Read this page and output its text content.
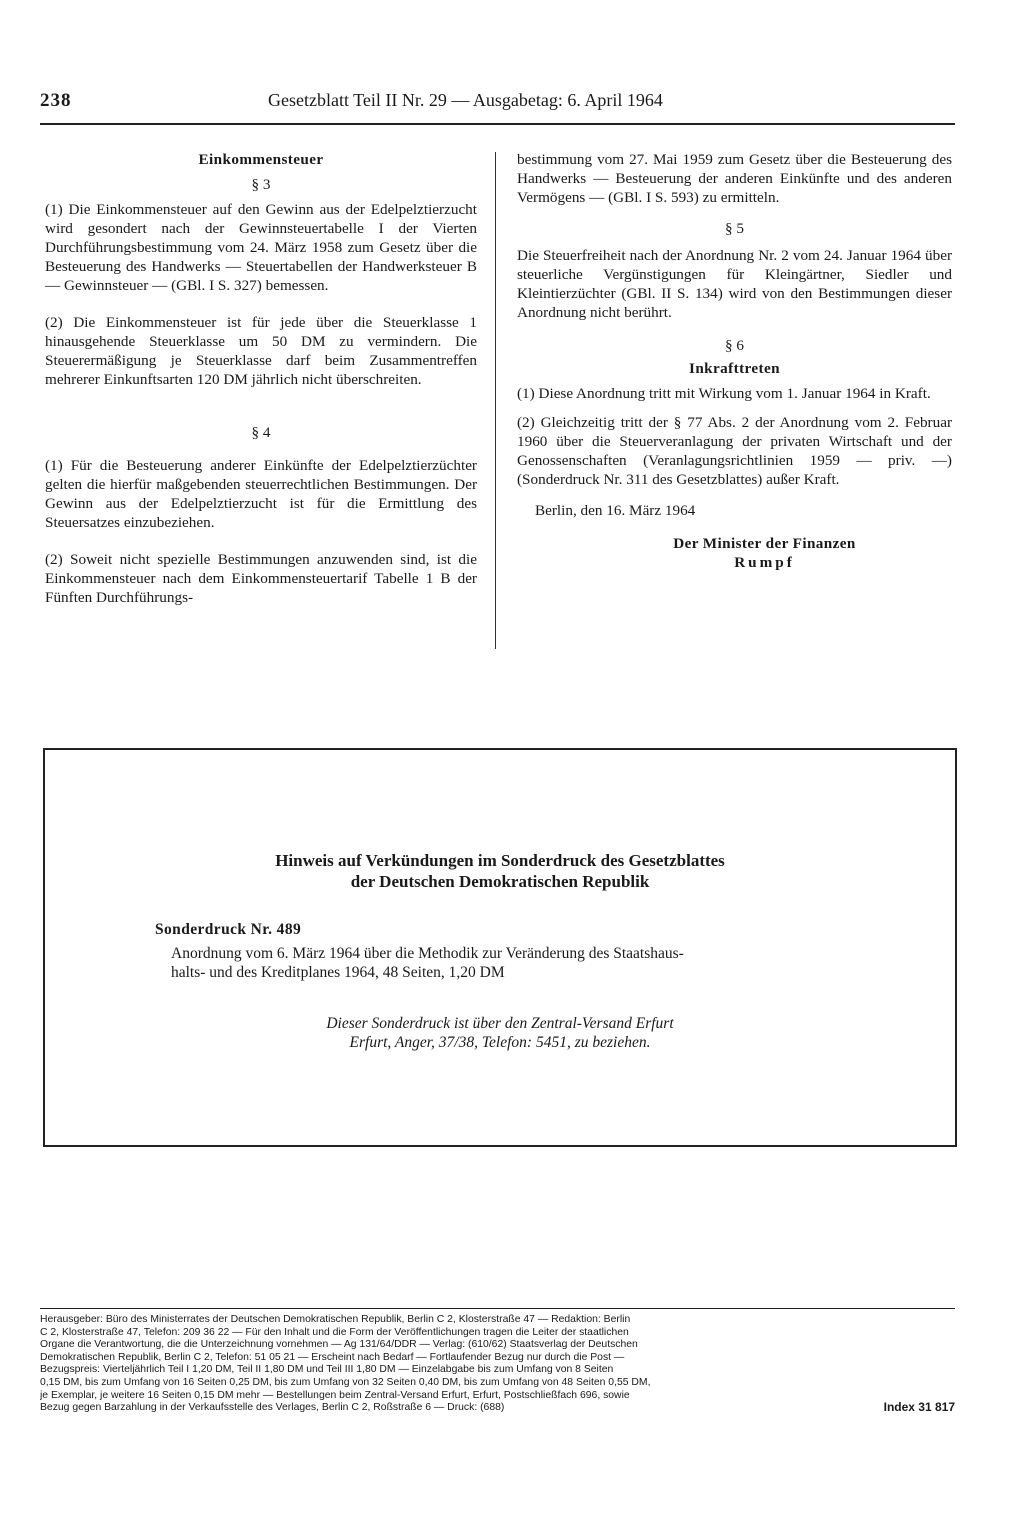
238	Gesetzblatt Teil II Nr. 29 — Ausgabetag: 6. April 1964

Einkommensteuer

§ 3

(1) Die Einkommensteuer auf den Gewinn aus der Edelpelztierzucht wird gesondert nach der Gewinnsteuertabelle I der Vierten Durchführungsbestimmung vom 24. März 1958 zum Gesetz über die Besteuerung des Handwerks — Steuertabellen der Handwerksteuer B — Gewinnsteuer — (GBl. I S. 327) bemessen.

(2) Die Einkommensteuer ist für jede über die Steuerklasse 1 hinausgehende Steuerklasse um 50 DM zu vermindern. Die Steuerermäßigung je Steuerklasse darf beim Zusammentreffen mehrerer Einkunftsarten 120 DM jährlich nicht überschreiten.

§ 4

(1) Für die Besteuerung anderer Einkünfte der Edelpelztierzüchter gelten die hierfür maßgebenden steuerrechtlichen Bestimmungen. Der Gewinn aus der Edelpelztierzucht ist für die Ermittlung des Steuersatzes einzubeziehen.

(2) Soweit nicht spezielle Bestimmungen anzuwenden sind, ist die Einkommensteuer nach dem Einkommensteuertarif Tabelle 1 B der Fünften Durchführungs-

bestimmung vom 27. Mai 1959 zum Gesetz über die Besteuerung des Handwerks — Besteuerung der anderen Einkünfte und des anderen Vermögens — (GBl. I S. 593) zu ermitteln.

§ 5

Die Steuerfreiheit nach der Anordnung Nr. 2 vom 24. Januar 1964 über steuerliche Vergünstigungen für Kleingärtner, Siedler und Kleintierzüchter (GBl. II S. 134) wird von den Bestimmungen dieser Anordnung nicht berührt.

§ 6

Inkrafttreten

(1) Diese Anordnung tritt mit Wirkung vom 1. Januar 1964 in Kraft.

(2) Gleichzeitig tritt der § 77 Abs. 2 der Anordnung vom 2. Februar 1960 über die Steuerveranlagung der privaten Wirtschaft und der Genossenschaften (Veranlagungsrichtlinien 1959 — priv. —) (Sonderdruck Nr. 311 des Gesetzblattes) außer Kraft.

Berlin, den 16. März 1964

Der Minister der Finanzen

Rumpf

Hinweis auf Verkündungen im Sonderdruck des Gesetzblattes
der Deutschen Demokratischen Republik
Sonderdruck Nr. 489
Anordnung vom 6. März 1964 über die Methodik zur Veränderung des Staatshaus-
halts- und des Kreditplanes 1964, 48 Seiten, 1,20 DM
Dieser Sonderdruck ist über den Zentral-Versand Erfurt
Erfurt, Anger, 37/38, Telefon: 5451, zu beziehen.
Herausgeber: Büro des Ministerrates der Deutschen Demokratischen Republik, Berlin C 2, Klosterstraße 47 — Redaktion: Berlin
C 2, Klosterstraße 47, Telefon: 209 36 22 — Für den Inhalt und die Form der Veröffentlichungen tragen die Leiter der staatlichen
Organe die Verantwortung, die die Unterzeichnung vornehmen — Ag 131/64/DDR — Verlag: (610/62) Staatsverlag der Deutschen
Demokratischen Republik, Berlin C 2, Telefon: 51 05 21 — Erscheint nach Bedarf — Fortlaufender Bezug nur durch die Post —
Bezugspreis: Vierteljährlich Teil I 1,20 DM, Teil II 1,80 DM und Teil III 1,80 DM — Einzelabgabe bis zum Umfang von 8 Seiten
0,15 DM, bis zum Umfang von 16 Seiten 0,25 DM, bis zum Umfang von 32 Seiten 0,40 DM, bis zum Umfang von 48 Seiten 0,55 DM,
je Exemplar, je weitere 16 Seiten 0,15 DM mehr — Bestellungen beim Zentral-Versand Erfurt, Erfurt, Postschließfach 696, sowie
Bezug gegen Barzahlung in der Verkaufsstelle des Verlages, Berlin C 2, Roßstraße 6 — Druck: (688)	Index 31 817
